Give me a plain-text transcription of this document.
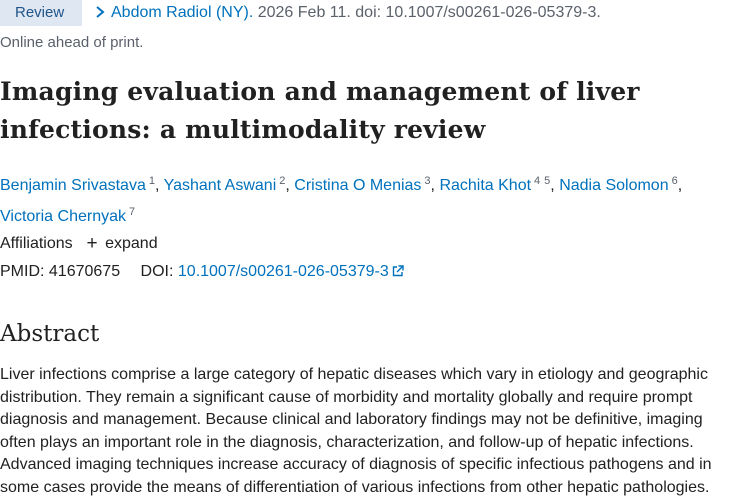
Review	Abdom Radiol (NY). 2026 Feb 11. doi: 10.1007/s00261-026-05379-3.
Online ahead of print.
Imaging evaluation and management of liver
infections: a multimodality review
Benjamin Srivastava $^1$, Yashant Aswani $^2$, Cristina O Menias $^3$, Rachita Khot $^4$ $^5$, Nadia Solomon $^6$,
Victoria Chernyak $^7$
Affiliations + expand
PMID: 41670675 DOI: 10.1007/s00261-026-05379-3
Abstract

Liver infections comprise a large category of hepatic diseases which vary in etiology and geographic distribution. They remain a significant cause of morbidity and mortality globally and require prompt diagnosis and management. Because clinical and laboratory findings may not be definitive, imaging often plays an important role in the diagnosis, characterization, and follow-up of hepatic infections. Advanced imaging techniques increase accuracy of diagnosis of specific infectious pathogens and in some cases provide the means of differentiation of various infections from other hepatic pathologies.
